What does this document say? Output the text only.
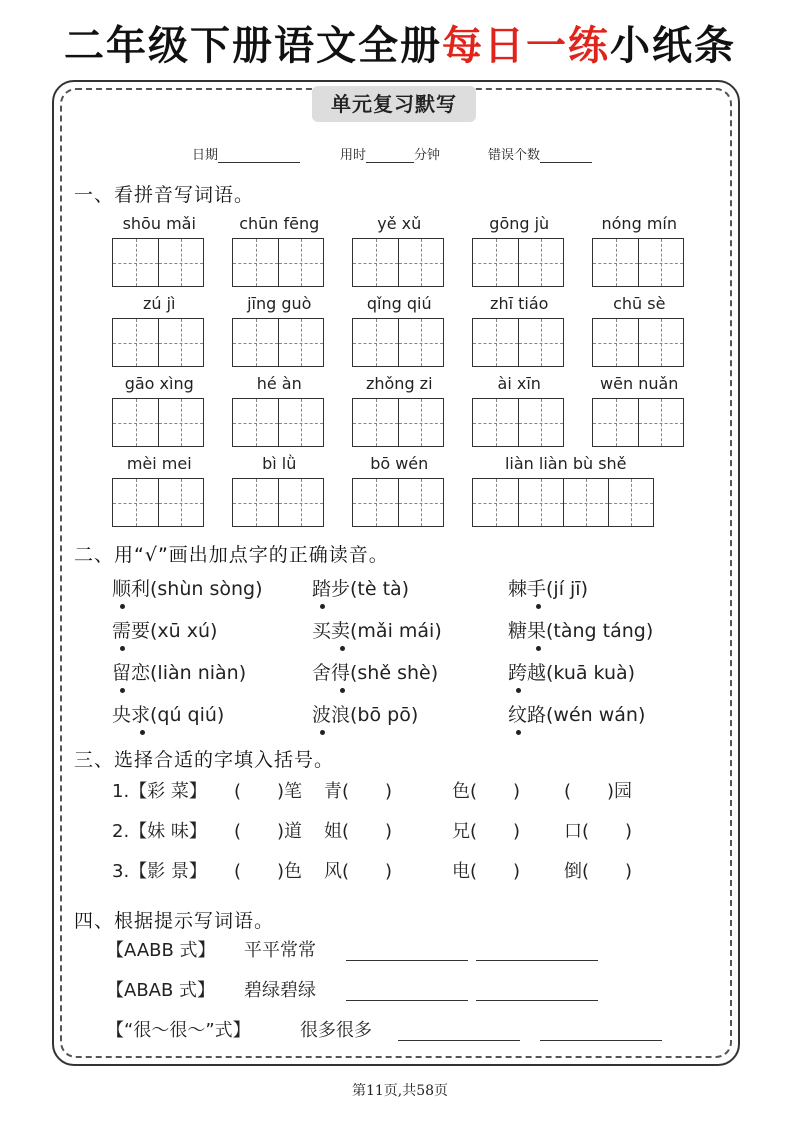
二年级下册语文全册每日一练小纸条
单元复习默写
日期	用时	分钟	错误个数
一、看拼音写词语。
shōu mǎi	chūn fēng	yě xǔ	gōng jù	nóng mín
zú jì	jīng guò	qǐng qiú	zhī tiáo	chū sè
gāo xìng	hé àn	zhǒng zi	ài xīn	wēn nuǎn
mèi mei	bì lǜ	bō wén	liàn liàn bù shě
二、用“√”画出加点字的正确读音。
顺利(shùn sòng)	踏步(tè tà)	棘手(jí jī)
需要(xū xú)	买卖(mǎi mái)	糖果(tàng táng)
留恋(liàn niàn)	舍得(shě shè)	跨越(kuā kuà)
央求(qú qiú)	波浪(bō pō)	纹路(wén wán)
三、选择合适的字填入括号。
1.【彩 菜】 (　　)笔 青(　　)	色(　　) (　　)园
2.【妹 味】 (　　)道 姐(　　)	兄(　　) 口(　　)
3.【影 景】 (　　)色 风(　　)	电(　　) 倒(　　)
四、根据提示写词语。
【AABB 式】 平平常常
【ABAB 式】 碧绿碧绿
【“很～很～”式】	很多很多
第11页,共58页
